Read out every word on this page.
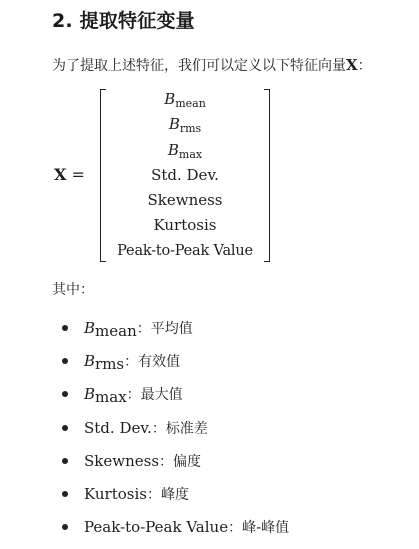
2. 提取特征变量
为了提取上述特征，我们可以定义以下特征向量X：
X =
$B_{mean}$
$B_{rms}$
$B_{max}$
Std. Dev.
Skewness
Kurtosis
Peak-to-Peak Value
其中：
$B_{mean}$：平均值
$B_{rms}$：有效值
$B_{max}$：最大值
Std. Dev.：标准差
Skewness：偏度
Kurtosis：峰度
Peak-to-Peak Value：峰-峰值
